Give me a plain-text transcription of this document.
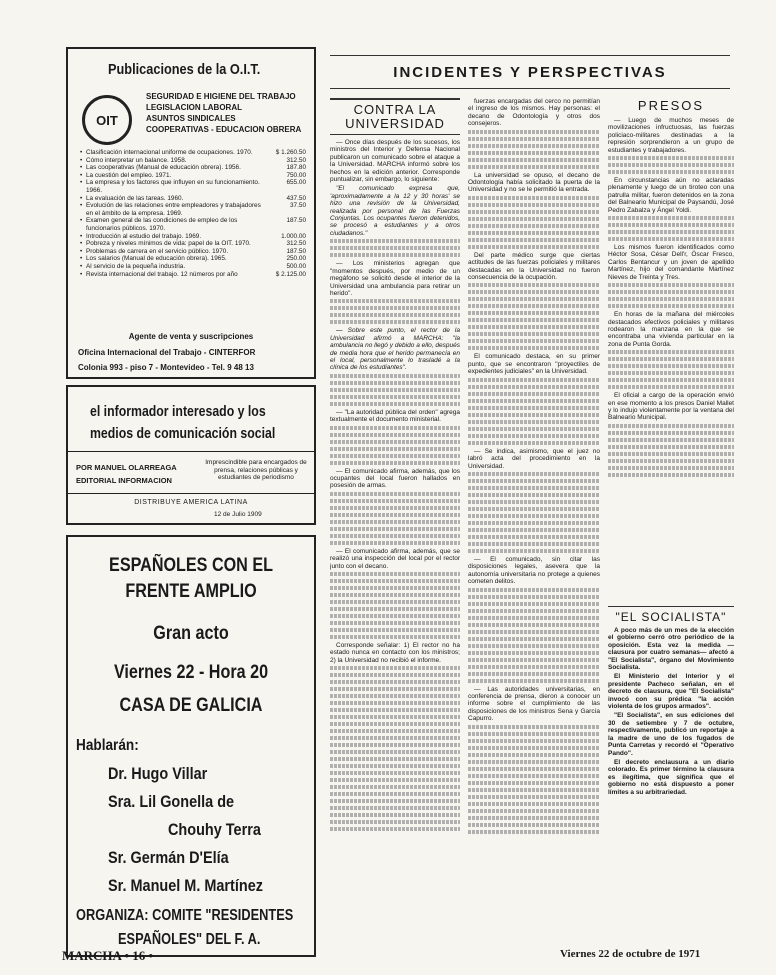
Publicaciones de la O.I.T.
OIT
SEGURIDAD E HIGIENE DEL TRABAJO
LEGISLACION LABORAL
ASUNTOS SINDICALES
COOPERATIVAS - EDUCACION OBRERA
• Clasificación internacional uniforme de ocupaciones. 1970.	$ 1.260.50
• Cómo interpretar un balance. 1958.	312.50
• Las cooperativas (Manual de educación obrera). 1956.	187.80
• La cuestión del empleo. 1971.	750.00
• La empresa y los factores que influyen en su funcionamiento. 1966.
655.00
• La evaluación de las tareas. 1960.	437.50
• Evolución de las relaciones entre empleadores y trabajadores en el ámbito de la empresa. 1969.
37.50
• Examen general de las condiciones de empleo de los funcionarios públicos. 1970.
187.50
• Introducción al estudio del trabajo. 1969.	1.000.00
• Pobreza y niveles mínimos de vida: papel de la OIT. 1970.	312.50
• Problemas de carrera en el servicio público. 1970.	187.50
• Los salarios (Manual de educación obrera). 1965.	250.00
• Al servicio de la pequeña industria.	500.00
• Revista internacional del trabajo. 12 números por año	$ 2.125.00
Agente de venta y suscripciones
Oficina Internacional del Trabajo - CINTERFOR
Colonia 993 - piso 7 - Montevideo - Tel. 9 48 13
el informador interesado y los
medios de comunicación social
POR MANUEL OLARREAGA
EDITORIAL INFORMACION
Imprescindible para encargados de prensa, relaciones públicas y estudiantes de periodismo
DISTRIBUYE AMERICA LATINA
12 de Julio 1909
ESPAÑOLES CON EL
FRENTE AMPLIO
Gran acto
Viernes 22 - Hora 20
CASA DE GALICIA
Hablarán:
Dr. Hugo Villar
Sra. Lil Gonella de
Chouhy Terra
Sr. Germán D'Elía
Sr. Manuel M. Martínez
ORGANIZA: COMITE "RESIDENTES
ESPAÑOLES" DEL F. A.
INCIDENTES Y PERSPECTIVAS
CONTRA LA UNIVERSIDAD

— Once días después de los sucesos, los ministros del Interior y Defensa Nacional publicaron un comunicado sobre el ataque a la Universidad. MARCHA informó sobre los hechos en la edición anterior. Corresponde puntualizar, sin embargo, lo siguiente:

"El comunicado expresa que, 'aproximadamente a la 12 y 30 horas' se hizo una revisión de la Universidad, realizada por personal de las Fuerzas Conjuntas. Los ocupantes fueron detenidos, se procesó a estudiantes y a otros ciudadanos."

— Los ministerios agregan que "momentos después, por medio de un megáfono se solicitó desde el interior de la Universidad una ambulancia para retirar un herido".

— Sobre este punto, el rector de la Universidad afirmó a MARCHA: "la ambulancia no llegó y debido a ello, después de media hora que el herido permanecía en el local, personalmente lo trasladé a la clínica de los estudiantes".

— "La autoridad pública del orden" agrega textualmente el documento ministerial.

— El comunicado afirma, además, que los ocupantes del local fueron hallados en posesión de armas.

— El comunicado afirma, además, que se realizó una inspección del local por el rector junto con el decano.

Corresponde señalar: 1) El rector no ha estado nunca en contacto con los ministros; 2) la Universidad no recibió el informe.

fuerzas encargadas del cerco no permitían el ingreso de los mismos. Hay personas: el decano de Odontología y otros dos consejeros.

La universidad se opuso, el decano de Odontología había solicitado la puerta de la Universidad y no se le permitió la entrada.

Del parte médico surge que ciertas actitudes de las fuerzas policiales y militares destacadas en la Universidad no fueron consecuencia de la ocupación.

El comunicado destaca, en su primer punto, que se encontraron "proyectiles de expedientes judiciales" en la Universidad.

— Se indica, asimismo, que el juez no labró acta del procedimiento en la Universidad.

— El comunicado, sin citar las disposiciones legales, asevera que la autonomía universitaria no protege a quienes cometen delitos.

— Las autoridades universitarias, en conferencia de prensa, dieron a conocer un informe sobre el cumplimiento de las disposiciones de los ministros Sena y García Capurro.

PRESOS

— Luego de muchos meses de movilizaciones infructuosas, las fuerzas policiaco-militares destinadas a la represión sorprendieron a un grupo de estudiantes y trabajadores.

En circunstancias aún no aclaradas plenamente y luego de un tiroteo con una patrulla militar, fueron detenidos en la zona del Balneario Municipal de Paysandú, José Pedro Zabalza y Ángel Yoldi.

Los mismos fueron identificados como Héctor Sosa, César Dell'r, Óscar Fresco, Carlos Bentancur y un joven de apellido Martínez, hijo del comandante Martínez Nieves de Treinta y Tres.

En horas de la mañana del miércoles destacados efectivos policiales y militares rodearon la manzana en la que se encontraba una vivienda particular en la zona de Punta Gorda.

El oficial a cargo de la operación envió en ese momento a los presos Daniel Mallet y lo indujo violentamente por la ventana del Balneario Municipal.

"EL SOCIALISTA"

A poco más de un mes de la elección el gobierno cerró otro periódico de la oposición. Esta vez la medida —clausura por cuatro semanas— afectó a "El Socialista", órgano del Movimiento Socialista.

El Ministerio del Interior y el presidente Pacheco señalan, en el decreto de clausura, que "El Socialista" invocó con su prédica "la acción violenta de los grupos armados".

"El Socialista", en sus ediciones del 30 de setiembre y 7 de octubre, respectivamente, publicó un reportaje a la madre de uno de los fugados de Punta Carretas y recordó el "Operativo Pando".

El decreto enclausura a un diario colorado. Es primer término la clausura es ilegítima, que significa que el gobierno no está dispuesto a poner límites a su arbitrariedad.

MARCHA • 16 •	Viernes 22 de octubre de 1971
